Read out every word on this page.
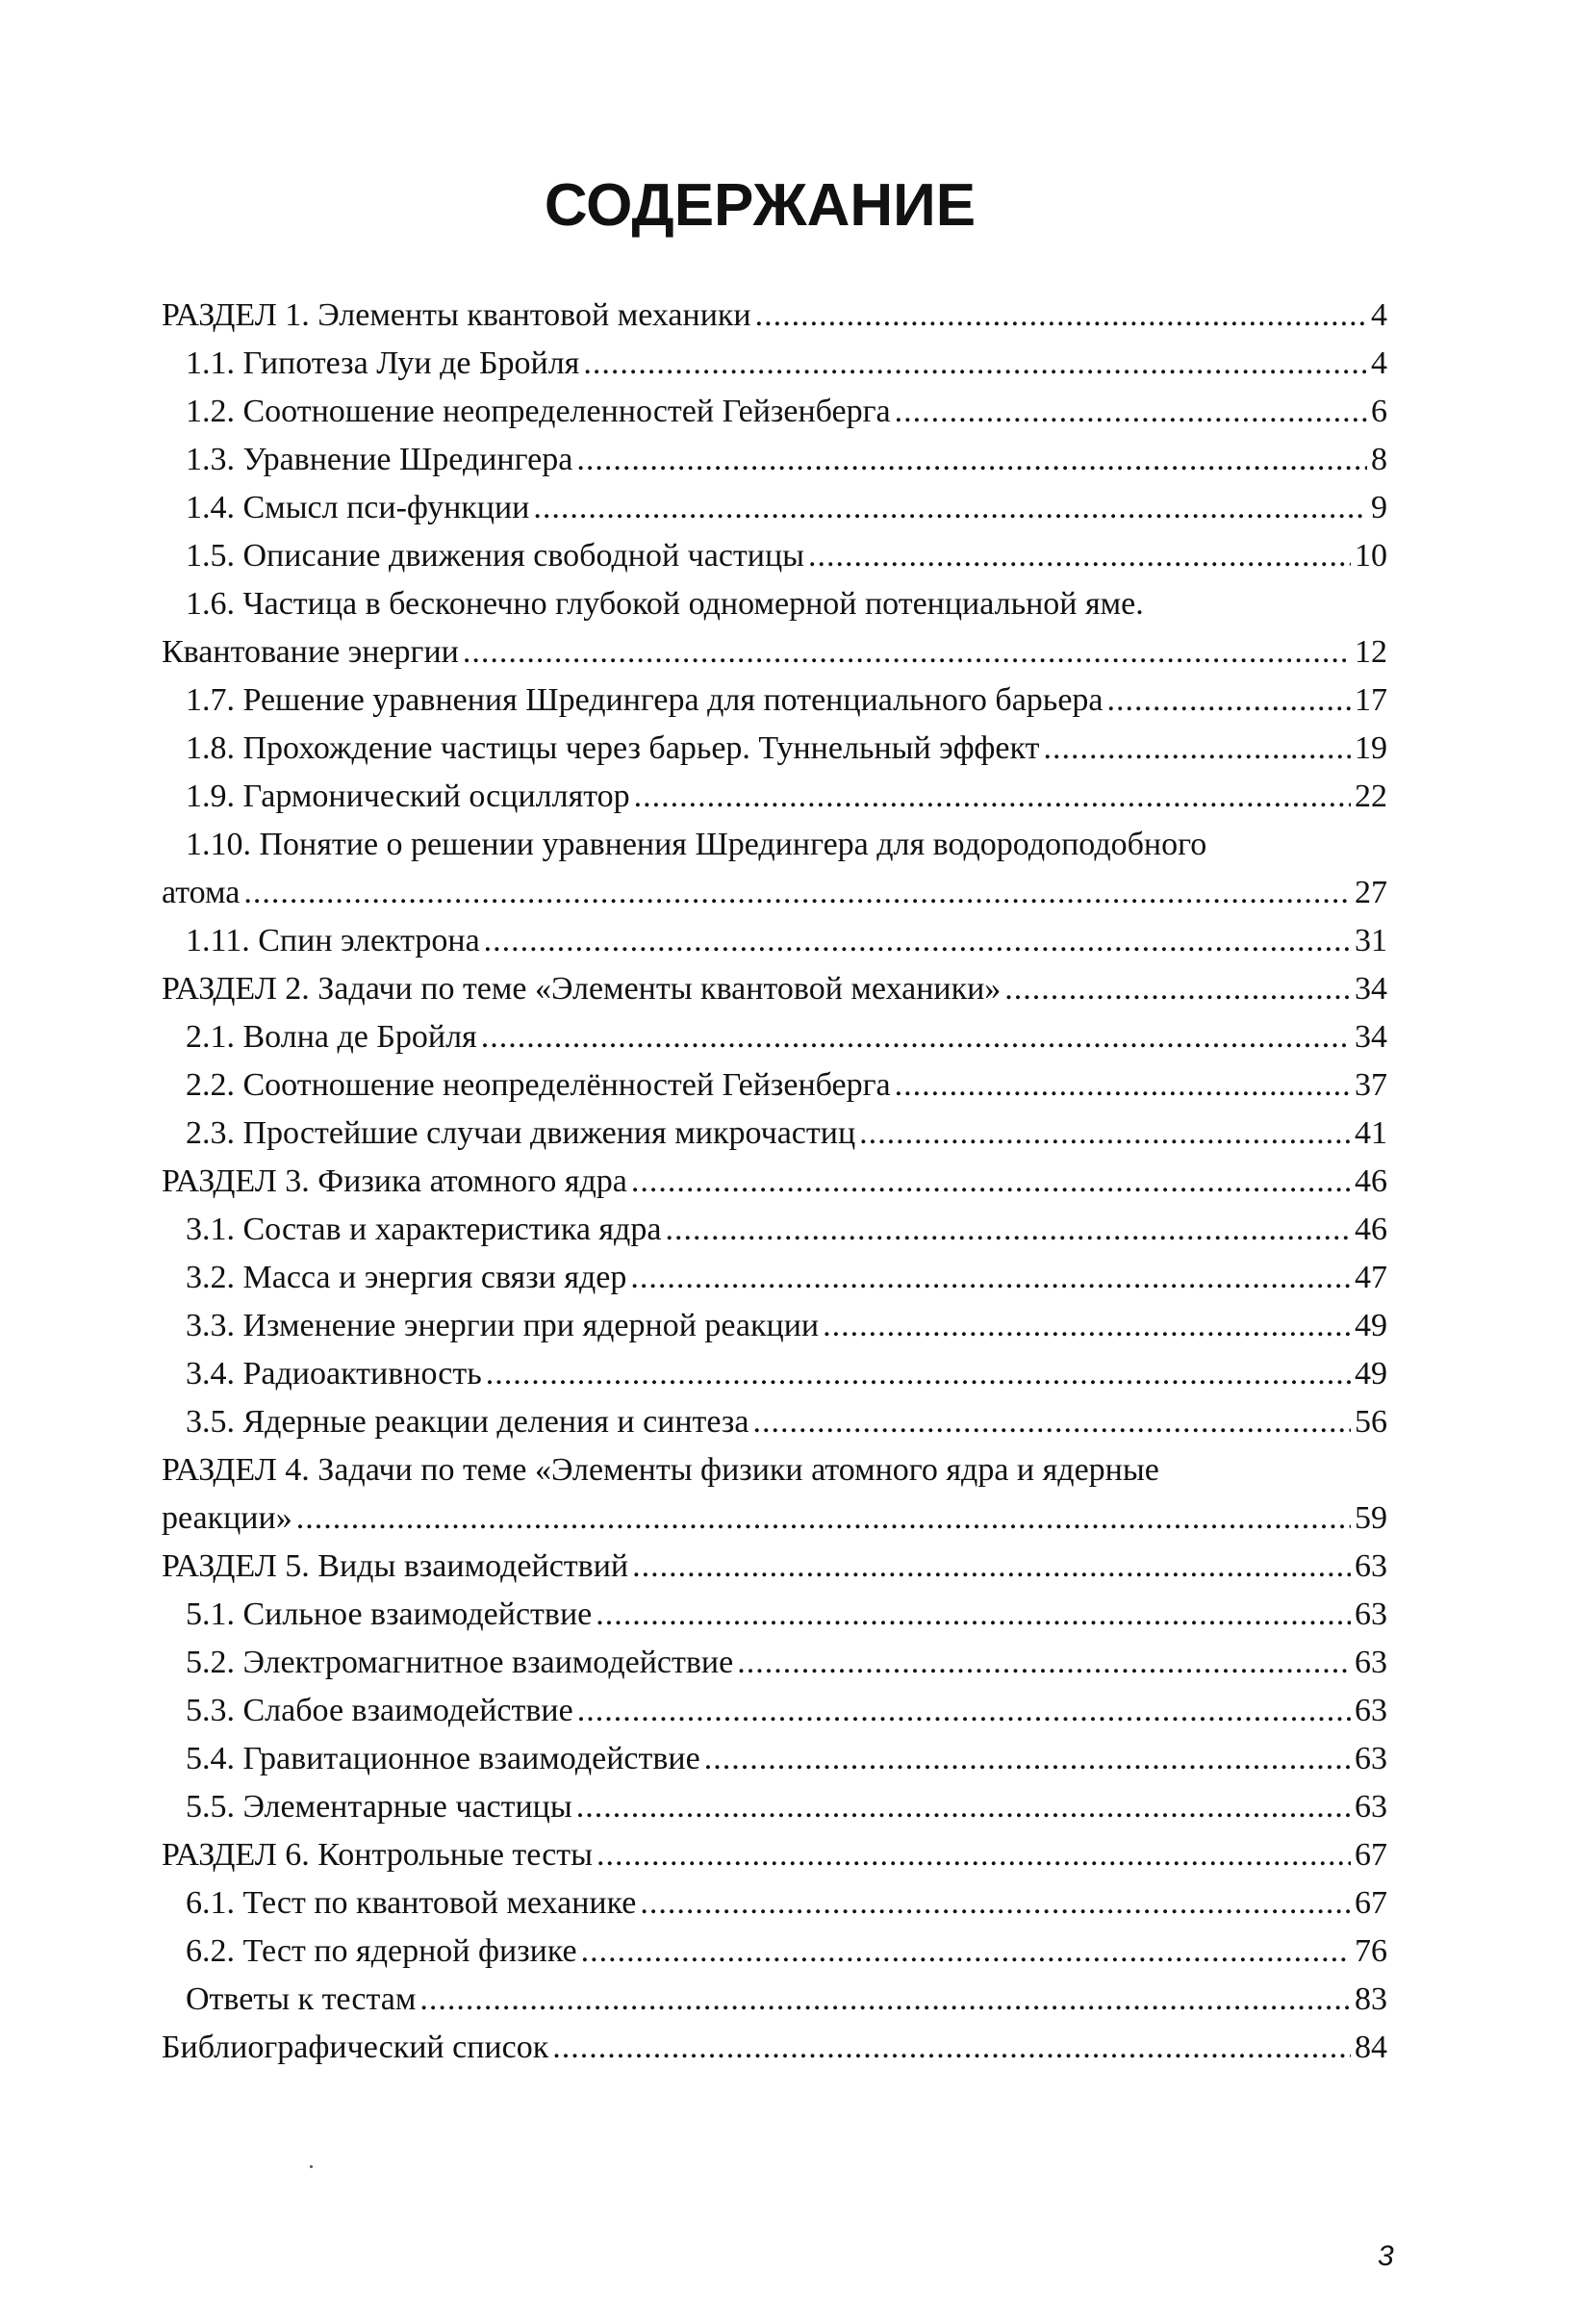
СОДЕРЖАНИЕ
РАЗДЕЛ 1. Элементы квантовой механики .....	4
1.1. Гипотеза Луи де Бройля .....	4
1.2. Соотношение неопределенностей Гейзенберга .....	6
1.3. Уравнение Шредингера .....	8
1.4. Смысл пси-функции .....	9
1.5. Описание движения свободной частицы .....	10
1.6. Частица в бесконечно глубокой одномерной потенциальной яме.
Квантование энергии .....	12
1.7. Решение уравнения Шредингера для потенциального барьера .....	17
1.8. Прохождение частицы через барьер. Туннельный эффект .....	19
1.9. Гармонический осциллятор .....	22
1.10. Понятие о решении уравнения Шредингера для водородоподобного
атома .....	27
1.11. Спин электрона .....	31
РАЗДЕЛ 2. Задачи по теме «Элементы квантовой механики» .....	34
2.1. Волна де Бройля .....	34
2.2. Соотношение неопределённостей Гейзенберга .....	37
2.3. Простейшие случаи движения микрочастиц .....	41
РАЗДЕЛ 3. Физика атомного ядра .....	46
3.1. Состав и характеристика ядра .....	46
3.2. Масса и энергия связи ядер .....	47
3.3. Изменение энергии при ядерной реакции .....	49
3.4. Радиоактивность .....	49
3.5. Ядерные реакции деления и синтеза .....	56
РАЗДЕЛ 4. Задачи по теме «Элементы физики атомного ядра и ядерные
реакции» .....	59
РАЗДЕЛ 5. Виды взаимодействий .....	63
5.1. Сильное взаимодействие .....	63
5.2. Электромагнитное взаимодействие .....	63
5.3. Слабое взаимодействие .....	63
5.4. Гравитационное взаимодействие .....	63
5.5. Элементарные частицы .....	63
РАЗДЕЛ 6. Контрольные тесты .....	67
6.1. Тест по квантовой механике .....	67
6.2. Тест по ядерной физике .....	76
Ответы к тестам .....	83
Библиографический список .....	84
3
